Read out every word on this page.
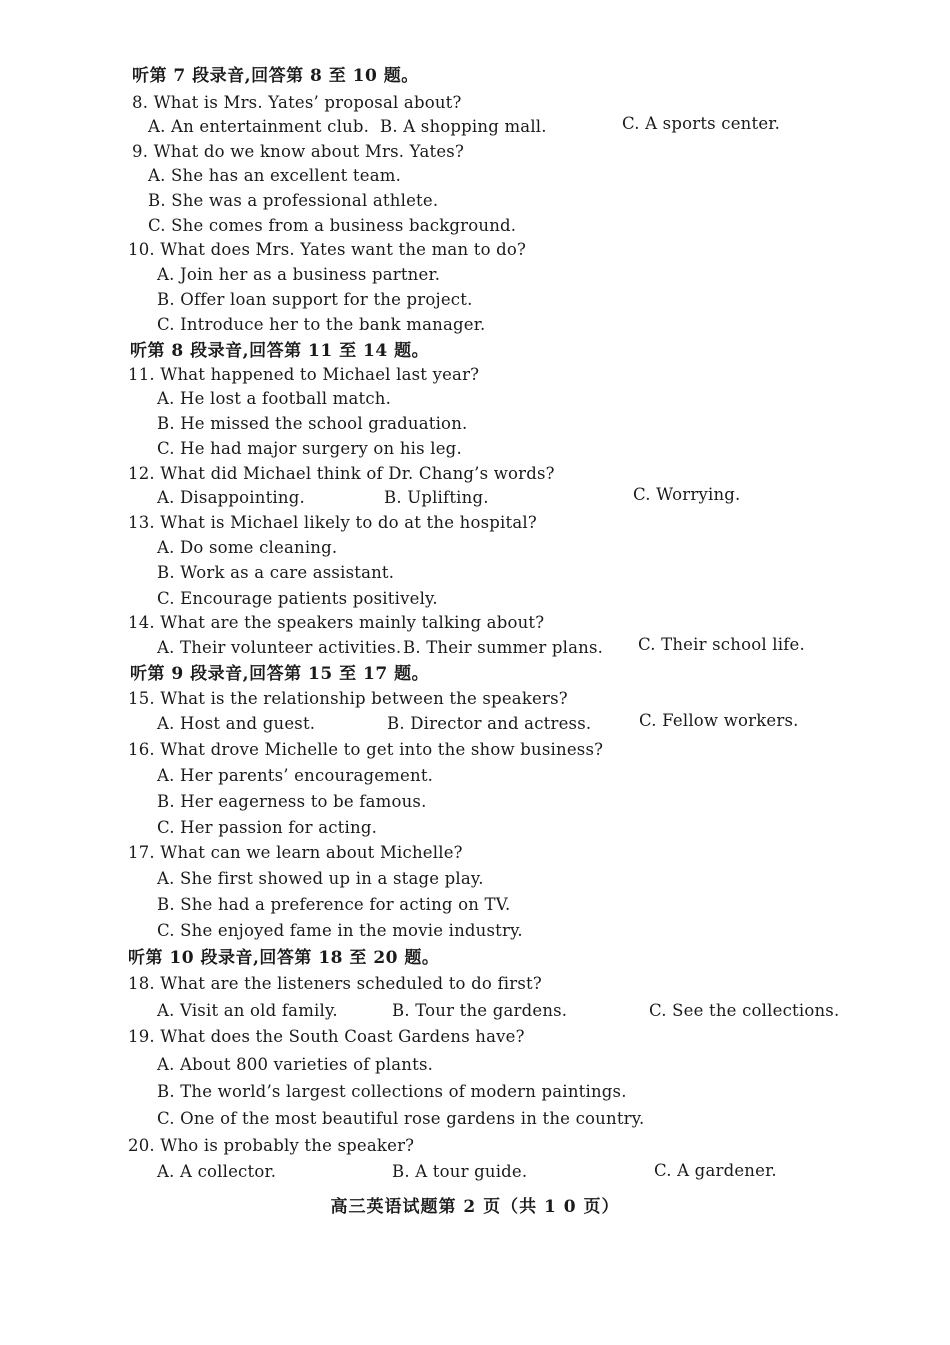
听第 7 段录音,回答第 8 至 10 题。
8. What is Mrs. Yates’ proposal about?
A. An entertainment club. B. A shopping mall.	C. A sports center.
9. What do we know about Mrs. Yates?
A. She has an excellent team.
B. She was a professional athlete.
C. She comes from a business background.
10. What does Mrs. Yates want the man to do?
A. Join her as a business partner.
B. Offer loan support for the project.
C. Introduce her to the bank manager.
听第 8 段录音,回答第 11 至 14 题。
11. What happened to Michael last year?
A. He lost a football match.
B. He missed the school graduation.
C. He had major surgery on his leg.
12. What did Michael think of Dr. Chang’s words?
A. Disappointing.	B. Uplifting.	C. Worrying.
13. What is Michael likely to do at the hospital?
A. Do some cleaning.
B. Work as a care assistant.
C. Encourage patients positively.
14. What are the speakers mainly talking about?
A. Their volunteer activities. B. Their summer plans. C. Their school life.
听第 9 段录音,回答第 15 至 17 题。
15. What is the relationship between the speakers?
A. Host and guest.	B. Director and actress.	C. Fellow workers.
16. What drove Michelle to get into the show business?
A. Her parents’ encouragement.
B. Her eagerness to be famous.
C. Her passion for acting.
17. What can we learn about Michelle?
A. She first showed up in a stage play.
B. She had a preference for acting on TV.
C. She enjoyed fame in the movie industry.
听第 10 段录音,回答第 18 至 20 题。
18. What are the listeners scheduled to do first?
A. Visit an old family.	B. Tour the gardens.	C. See the collections.
19. What does the South Coast Gardens have?
A. About 800 varieties of plants.
B. The world’s largest collections of modern paintings.
C. One of the most beautiful rose gardens in the country.
20. Who is probably the speaker?
A. A collector.	B. A tour guide.	C. A gardener.
高三英语试题第 2 页（共 1 0 页）
